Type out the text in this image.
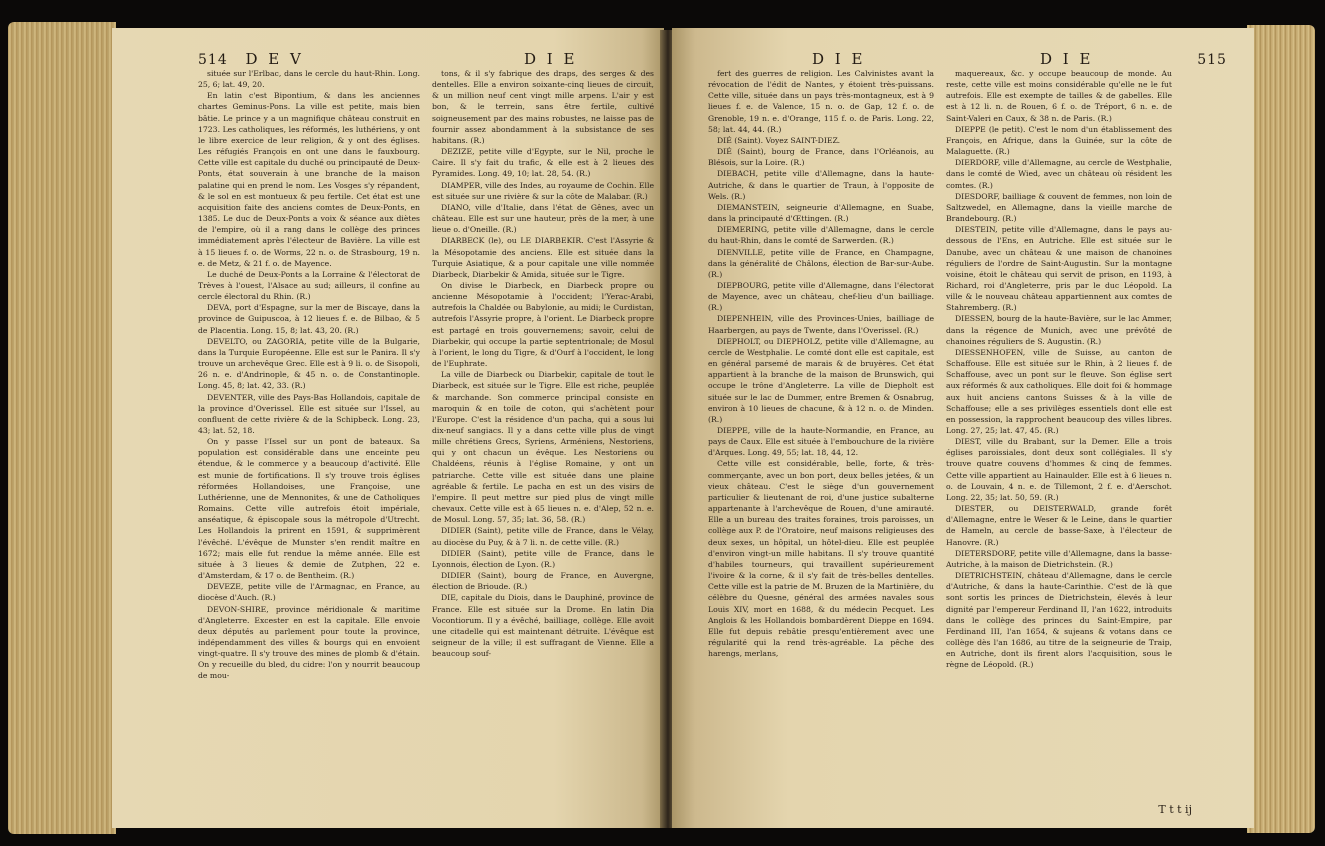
514 D E V	D I E

située sur l'Erlbac, dans le cercle du haut-Rhin. Long. 25, 6; lat. 49, 20.

En latin c'est Bipontium, & dans les anciennes chartes Geminus-Pons. La ville est petite, mais bien bâtie. Le prince y a un magnifique château construit en 1723. Les catholiques, les réformés, les luthériens, y ont le libre exercice de leur religion, & y ont des églises. Les réfugiés François en ont une dans le fauxbourg. Cette ville est capitale du duché ou principauté de Deux-Ponts, état souverain à une branche de la maison palatine qui en prend le nom. Les Vosges s'y répandent, & le sol en est montueux & peu fertile. Cet état est une acquisition faite des anciens comtes de Deux-Ponts, en 1385. Le duc de Deux-Ponts a voix & séance aux diètes de l'empire, où il a rang dans le collège des princes immédiatement après l'électeur de Bavière. La ville est à 15 lieues f. o. de Worms, 22 n. o. de Strasbourg, 19 n. e. de Metz, & 21 f. o. de Mayence.

Le duché de Deux-Ponts a la Lorraine & l'électorat de Trèves à l'ouest, l'Alsace au sud; ailleurs, il confine au cercle électoral du Rhin. (R.)

DEVA, port d'Espagne, sur la mer de Biscaye, dans la province de Guipuscoa, à 12 lieues f. e. de Bilbao, & 5 de Placentia. Long. 15, 8; lat. 43, 20. (R.)

DEVELTO, ou ZAGORIA, petite ville de la Bulgarie, dans la Turquie Européenne. Elle est sur le Panira. Il s'y trouve un archevêque Grec. Elle est à 9 li. o. de Sisopoli, 26 n. e. d'Andrinople, & 45 n. o. de Constantinople. Long. 45, 8; lat. 42, 33. (R.)

DEVENTER, ville des Pays-Bas Hollandois, capitale de la province d'Overissel. Elle est située sur l'Issel, au confluent de cette rivière & de la Schipbeck. Long. 23, 43; lat. 52, 18.

On y passe l'Issel sur un pont de bateaux. Sa population est considérable dans une enceinte peu étendue, & le commerce y a beaucoup d'activité. Elle est munie de fortifications. Il s'y trouve trois églises réformées Hollandoises, une Françoise, une Luthérienne, une de Mennonites, & une de Catholiques Romains. Cette ville autrefois étoit impériale, anséatique, & épiscopale sous la métropole d'Utrecht. Les Hollandois la prirent en 1591, & supprimèrent l'évêché. L'évêque de Munster s'en rendit maître en 1672; mais elle fut rendue la même année. Elle est située à 3 lieues & demie de Zutphen, 22 e. d'Amsterdam, & 17 o. de Bentheim. (R.)

DEVEZE, petite ville de l'Armagnac, en France, au diocèse d'Auch. (R.)

DEVON-SHIRE, province méridionale & maritime d'Angleterre. Excester en est la capitale. Elle envoie deux députés au parlement pour toute la province, indépendamment des villes & bourgs qui en envoient vingt-quatre. Il s'y trouve des mines de plomb & d'étain. On y recueille du bled, du cidre: l'on y nourrit beaucoup de mou-

tons, & il s'y fabrique des draps, des serges & des dentelles. Elle a environ soixante-cinq lieues de circuit, & un million neuf cent vingt mille arpens. L'air y est bon, & le terrein, sans être fertile, cultivé soigneusement par des mains robustes, ne laisse pas de fournir assez abondamment à la subsistance de ses habitans. (R.)

DEZIZE, petite ville d'Egypte, sur le Nil, proche le Caire. Il s'y fait du trafic, & elle est à 2 lieues des Pyramides. Long. 49, 10; lat. 28, 54. (R.)

DIAMPER, ville des Indes, au royaume de Cochin. Elle est située sur une rivière & sur la côte de Malabar. (R.)

DIANO, ville d'Italie, dans l'état de Gênes, avec un château. Elle est sur une hauteur, près de la mer, à une lieue o. d'Oneille. (R.)

DIARBECK (le), ou LE DIARBEKIR. C'est l'Assyrie & la Mésopotamie des anciens. Elle est située dans la Turquie Asiatique, & a pour capitale une ville nommée Diarbeck, Diarbekir & Amida, située sur le Tigre.

On divise le Diarbeck, en Diarbeck propre ou ancienne Mésopotamie à l'occident; l'Yerac-Arabi, autrefois la Chaldée ou Babylonie, au midi; le Curdistan, autrefois l'Assyrie propre, à l'orient. Le Diarbeck propre est partagé en trois gouvernemens; savoir, celui de Diarbekir, qui occupe la partie septentrionale; de Mosul à l'orient, le long du Tigre, & d'Ourf à l'occident, le long de l'Euphrate.

La ville de Diarbeck ou Diarbekir, capitale de tout le Diarbeck, est située sur le Tigre. Elle est riche, peuplée & marchande. Son commerce principal consiste en maroquin & en toile de coton, qui s'achètent pour l'Europe. C'est la résidence d'un pacha, qui a sous lui dix-neuf sangiacs. Il y a dans cette ville plus de vingt mille chrétiens Grecs, Syriens, Arméniens, Nestoriens, qui y ont chacun un évêque. Les Nestoriens ou Chaldéens, réunis à l'église Romaine, y ont un patriarche. Cette ville est située dans une plaine agréable & fertile. Le pacha en est un des visirs de l'empire. Il peut mettre sur pied plus de vingt mille chevaux. Cette ville est à 65 lieues n. e. d'Alep, 52 n. e. de Mosul. Long. 57, 35; lat. 36, 58. (R.)

DIDIER (Saint), petite ville de France, dans le Vélay, au diocèse du Puy, & à 7 li. n. de cette ville. (R.)

DIDIER (Saint), petite ville de France, dans le Lyonnois, élection de Lyon. (R.)

DIDIER (Saint), bourg de France, en Auvergne, élection de Brioude. (R.)

DIE, capitale du Diois, dans le Dauphiné, province de France. Elle est située sur la Drome. En latin Dia Vocontiorum. Il y a évêché, bailliage, collège. Elle avoit une citadelle qui est maintenant détruite. L'évêque est seigneur de la ville; il est suffragant de Vienne. Elle a beaucoup souf-

D I E	D I E	515

fert des guerres de religion. Les Calvinistes avant la révocation de l'édit de Nantes, y étoient très-puissans. Cette ville, située dans un pays très-montagneux, est à 9 lieues f. e. de Valence, 15 n. o. de Gap, 12 f. o. de Grenoble, 19 n. e. d'Orange, 115 f. o. de Paris. Long. 22, 58; lat. 44, 44. (R.)

DIÉ (Saint). Voyez SAINT-DIEZ.

DIÉ (Saint), bourg de France, dans l'Orléanois, au Blésois, sur la Loire. (R.)

DIEBACH, petite ville d'Allemagne, dans la haute-Autriche, & dans le quartier de Traun, à l'opposite de Wels. (R.)

DIEMANSTEIN, seigneurie d'Allemagne, en Suabe, dans la principauté d'Œttingen. (R.)

DIEMERING, petite ville d'Allemagne, dans le cercle du haut-Rhin, dans le comté de Sarwerden. (R.)

DIENVILLE, petite ville de France, en Champagne, dans la généralité de Châlons, élection de Bar-sur-Aube. (R.)

DIEPBOURG, petite ville d'Allemagne, dans l'électorat de Mayence, avec un château, chef-lieu d'un bailliage. (R.)

DIEPENHEIN, ville des Provinces-Unies, bailliage de Haarbergen, au pays de Twente, dans l'Overissel. (R.)

DIEPHOLT, ou DIEPHOLZ, petite ville d'Allemagne, au cercle de Westphalie. Le comté dont elle est capitale, est en général parsemé de marais & de bruyères. Cet état appartient à la branche de la maison de Brunswich, qui occupe le trône d'Angleterre. La ville de Diepholt est située sur le lac de Dummer, entre Bremen & Osnabrug, environ à 10 lieues de chacune, & à 12 n. o. de Minden. (R.)

DIEPPE, ville de la haute-Normandie, en France, au pays de Caux. Elle est située à l'embouchure de la rivière d'Arques. Long. 49, 55; lat. 18, 44, 12.

Cette ville est considérable, belle, forte, & très-commerçante, avec un bon port, deux belles jetées, & un vieux château. C'est le siège d'un gouvernement particulier & lieutenant de roi, d'une justice subalterne appartenante à l'archevêque de Rouen, d'une amirauté. Elle a un bureau des traites foraines, trois paroisses, un collège aux P. de l'Oratoire, neuf maisons religieuses des deux sexes, un hôpital, un hôtel-dieu. Elle est peuplée d'environ vingt-un mille habitans. Il s'y trouve quantité d'habiles tourneurs, qui travaillent supérieurement l'ivoire & la corne, & il s'y fait de très-belles dentelles. Cette ville est la patrie de M. Bruzen de la Martinière, du célèbre du Quesne, général des armées navales sous Louis XIV, mort en 1688, & du médecin Pecquet. Les Anglois & les Hollandois bombardèrent Dieppe en 1694. Elle fut depuis rebâtie presqu'entièrement avec une régularité qui la rend très-agréable. La pêche des harengs, merlans,

maquereaux, &c. y occupe beaucoup de monde. Au reste, cette ville est moins considérable qu'elle ne le fut autrefois. Elle est exempte de tailles & de gabelles. Elle est à 12 li. n. de Rouen, 6 f. o. de Tréport, 6 n. e. de Saint-Valeri en Caux, & 38 n. de Paris. (R.)

DIEPPE (le petit). C'est le nom d'un établissement des François, en Afrique, dans la Guinée, sur la côte de Malaguette. (R.)

DIERDORF, ville d'Allemagne, au cercle de Westphalie, dans le comté de Wied, avec un château où résident les comtes. (R.)

DIESDORF, bailliage & couvent de femmes, non loin de Saltzwedel, en Allemagne, dans la vieille marche de Brandebourg. (R.)

DIESTEIN, petite ville d'Allemagne, dans le pays au-dessous de l'Ens, en Autriche. Elle est située sur le Danube, avec un château & une maison de chanoines réguliers de l'ordre de Saint-Augustin. Sur la montagne voisine, étoit le château qui servit de prison, en 1193, à Richard, roi d'Angleterre, pris par le duc Léopold. La ville & le nouveau château appartiennent aux comtes de Stahremberg. (R.)

DIESSEN, bourg de la haute-Bavière, sur le lac Ammer, dans la régence de Munich, avec une prévôté de chanoines réguliers de S. Augustin. (R.)

DIESSENHOFEN, ville de Suisse, au canton de Schaffouse. Elle est située sur le Rhin, à 2 lieues f. de Schaffouse, avec un pont sur le fleuve. Son église sert aux réformés & aux catholiques. Elle doit foi & hommage aux huit anciens cantons Suisses & à la ville de Schaffouse; elle a ses privilèges essentiels dont elle est en possession, la rapprochent beaucoup des villes libres. Long. 27, 25; lat. 47, 45. (R.)

DIEST, ville du Brabant, sur la Demer. Elle a trois églises paroissiales, dont deux sont collégiales. Il s'y trouve quatre couvens d'hommes & cinq de femmes. Cette ville appartient au Hainaulder. Elle est à 6 lieues n. o. de Louvain, 4 n. e. de Tillemont, 2 f. e. d'Aerschot. Long. 22, 35; lat. 50, 59. (R.)

DIESTER, ou DEISTERWALD, grande forêt d'Allemagne, entre le Weser & le Leine, dans le quartier de Hameln, au cercle de basse-Saxe, à l'électeur de Hanovre. (R.)

DIETERSDORF, petite ville d'Allemagne, dans la basse-Autriche, à la maison de Dietrichstein. (R.)

DIETRICHSTEIN, château d'Allemagne, dans le cercle d'Autriche, & dans la haute-Carinthie. C'est de là que sont sortis les princes de Dietrichstein, élevés à leur dignité par l'empereur Ferdinand II, l'an 1622, introduits dans le collège des princes du Saint-Empire, par Ferdinand III, l'an 1654, & sujeans & votans dans ce collège dès l'an 1686, au titre de la seigneurie de Traip, en Autriche, dont ils firent alors l'acquisition, sous le règne de Léopold. (R.)

T t t ij
